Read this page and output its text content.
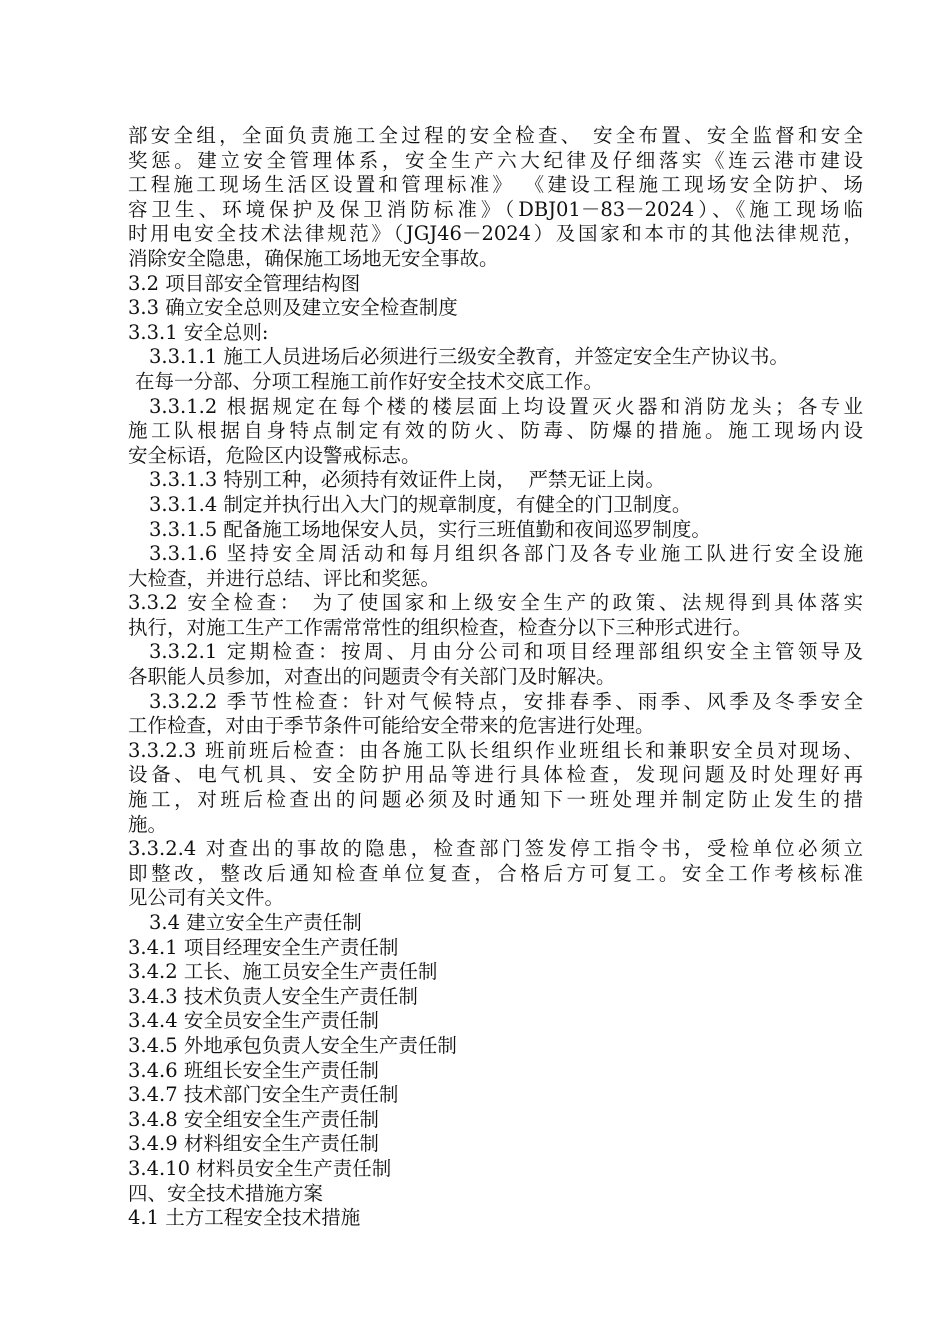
部安全组，全面负责施工全过程的安全检查、 安全布置、安全监督和安全
奖惩。建立安全管理体系，安全生产六大纪律及仔细落实《连云港市建设
工程施工现场生活区设置和管理标准》 《建设工程施工现场安全防护、场
容卫生、环境保护及保卫消防标准》（DBJ01－83－2024）、《施工现场临
时用电安全技术法律规范》（JGJ46－2024）及国家和本市的其他法律规范，
消除安全隐患，确保施工场地无安全事故。
3.2 项目部安全管理结构图
3.3 确立安全总则及建立安全检查制度
3.3.1 安全总则:
3.3.1.1 施工人员进场后必须进行三级安全教育，并签定安全生产协议书。
在每一分部、分项工程施工前作好安全技术交底工作。
3.3.1.2 根据规定在每个楼的楼层面上均设置灭火器和消防龙头；各专业
施工队根据自身特点制定有效的防火、防毒、防爆的措施。施工现场内设
安全标语，危险区内设警戒标志。
3.3.1.3 特别工种，必须持有效证件上岗，  严禁无证上岗。
3.3.1.4 制定并执行出入大门的规章制度，有健全的门卫制度。
3.3.1.5 配备施工场地保安人员，实行三班值勤和夜间巡罗制度。
3.3.1.6 坚持安全周活动和每月组织各部门及各专业施工队进行安全设施
大检查，并进行总结、评比和奖惩。
3.3.2 安全检查： 为了使国家和上级安全生产的政策、法规得到具体落实
执行，对施工生产工作需常常性的组织检查，检查分以下三种形式进行。
3.3.2.1 定期检查：按周、月由分公司和项目经理部组织安全主管领导及
各职能人员参加，对查出的问题责令有关部门及时解决。
3.3.2.2 季节性检查：针对气候特点，安排春季、雨季、风季及冬季安全
工作检查，对由于季节条件可能给安全带来的危害进行处理。
3.3.2.3 班前班后检查：由各施工队长组织作业班组长和兼职安全员对现场、
设备、电气机具、安全防护用品等进行具体检查，发现问题及时处理好再
施工，对班后检查出的问题必须及时通知下一班处理并制定防止发生的措
施。
3.3.2.4 对查出的事故的隐患，检查部门签发停工指令书，受检单位必须立
即整改，整改后通知检查单位复查，合格后方可复工。安全工作考核标准
见公司有关文件。
3.4 建立安全生产责任制
3.4.1 项目经理安全生产责任制
3.4.2 工长、施工员安全生产责任制
3.4.3 技术负责人安全生产责任制
3.4.4 安全员安全生产责任制
3.4.5 外地承包负责人安全生产责任制
3.4.6 班组长安全生产责任制
3.4.7 技术部门安全生产责任制
3.4.8 安全组安全生产责任制
3.4.9 材料组安全生产责任制
3.4.10 材料员安全生产责任制
四、安全技术措施方案
4.1 土方工程安全技术措施
